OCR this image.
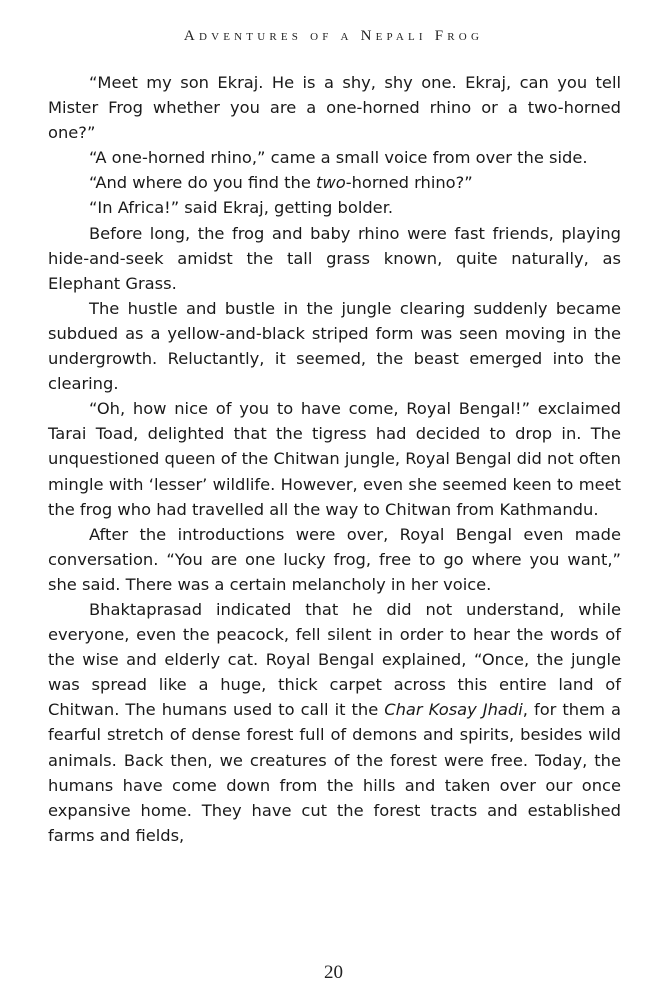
Adventures of a Nepali Frog

“Meet my son Ekraj. He is a shy, shy one. Ekraj, can you tell Mister Frog whether you are a one-horned rhino or a two-horned one?”

“A one-horned rhino,” came a small voice from over the side.

“And where do you find the two-horned rhino?”

“In Africa!” said Ekraj, getting bolder.

Before long, the frog and baby rhino were fast friends, playing hide-and-seek amidst the tall grass known, quite naturally, as Elephant Grass.

The hustle and bustle in the jungle clearing suddenly became subdued as a yellow-and-black striped form was seen moving in the undergrowth. Reluctantly, it seemed, the beast emerged into the clearing.

“Oh, how nice of you to have come, Royal Bengal!” exclaimed Tarai Toad, delighted that the tigress had decided to drop in. The unquestioned queen of the Chitwan jungle, Royal Bengal did not often mingle with ‘lesser’ wildlife. However, even she seemed keen to meet the frog who had travelled all the way to Chitwan from Kathmandu.

After the introductions were over, Royal Bengal even made conversation. “You are one lucky frog, free to go where you want,” she said. There was a certain melancholy in her voice.

Bhaktaprasad indicated that he did not understand, while everyone, even the peacock, fell silent in order to hear the words of the wise and elderly cat. Royal Bengal explained, “Once, the jungle was spread like a huge, thick carpet across this entire land of Chitwan. The humans used to call it the Char Kosay Jhadi, for them a fearful stretch of dense forest full of demons and spirits, besides wild animals. Back then, we creatures of the forest were free. Today, the humans have come down from the hills and taken over our once expansive home. They have cut the forest tracts and established farms and fields,

20
